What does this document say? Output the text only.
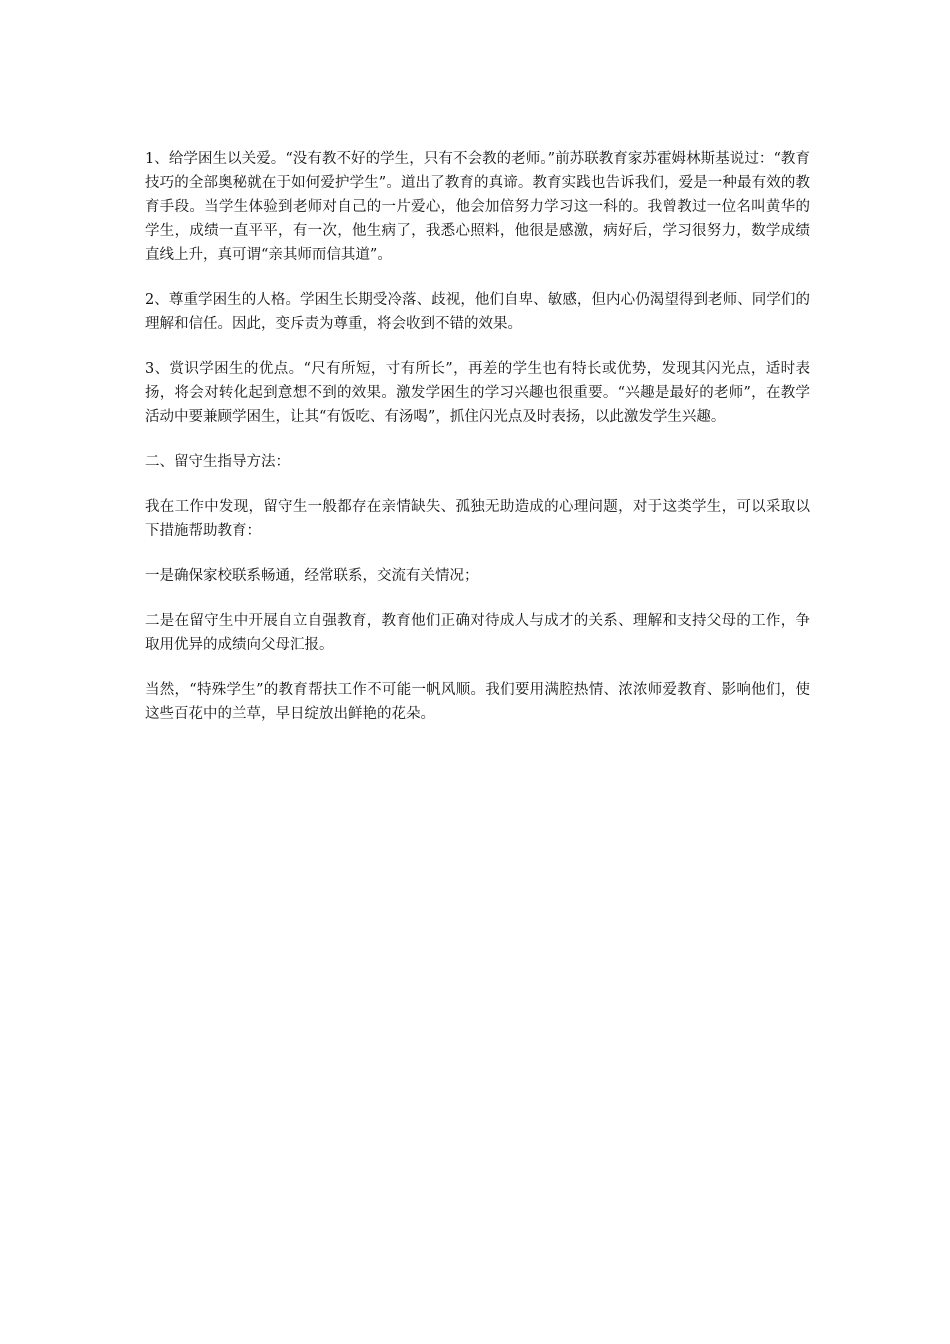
1、给学困生以关爱。“没有教不好的学生，只有不会教的老师。”前苏联教育家苏霍姆林斯基说过：“教育技巧的全部奥秘就在于如何爱护学生”。道出了教育的真谛。教育实践也告诉我们，爱是一种最有效的教育手段。当学生体验到老师对自己的一片爱心，他会加倍努力学习这一科的。我曾教过一位名叫黄华的学生，成绩一直平平，有一次，他生病了，我悉心照料，他很是感激，病好后，学习很努力，数学成绩直线上升，真可谓“亲其师而信其道”。

2、尊重学困生的人格。学困生长期受冷落、歧视，他们自卑、敏感，但内心仍渴望得到老师、同学们的理解和信任。因此，变斥责为尊重，将会收到不错的效果。

3、赏识学困生的优点。“尺有所短，寸有所长”，再差的学生也有特长或优势，发现其闪光点，适时表扬，将会对转化起到意想不到的效果。激发学困生的学习兴趣也很重要。“兴趣是最好的老师”，在教学活动中要兼顾学困生，让其“有饭吃、有汤喝”，抓住闪光点及时表扬，以此激发学生兴趣。

二、留守生指导方法：

我在工作中发现，留守生一般都存在亲情缺失、孤独无助造成的心理问题，对于这类学生，可以采取以下措施帮助教育：

一是确保家校联系畅通，经常联系，交流有关情况；

二是在留守生中开展自立自强教育，教育他们正确对待成人与成才的关系、理解和支持父母的工作，争取用优异的成绩向父母汇报。

当然，“特殊学生”的教育帮扶工作不可能一帆风顺。我们要用满腔热情、浓浓师爱教育、影响他们，使这些百花中的兰草，早日绽放出鲜艳的花朵。
